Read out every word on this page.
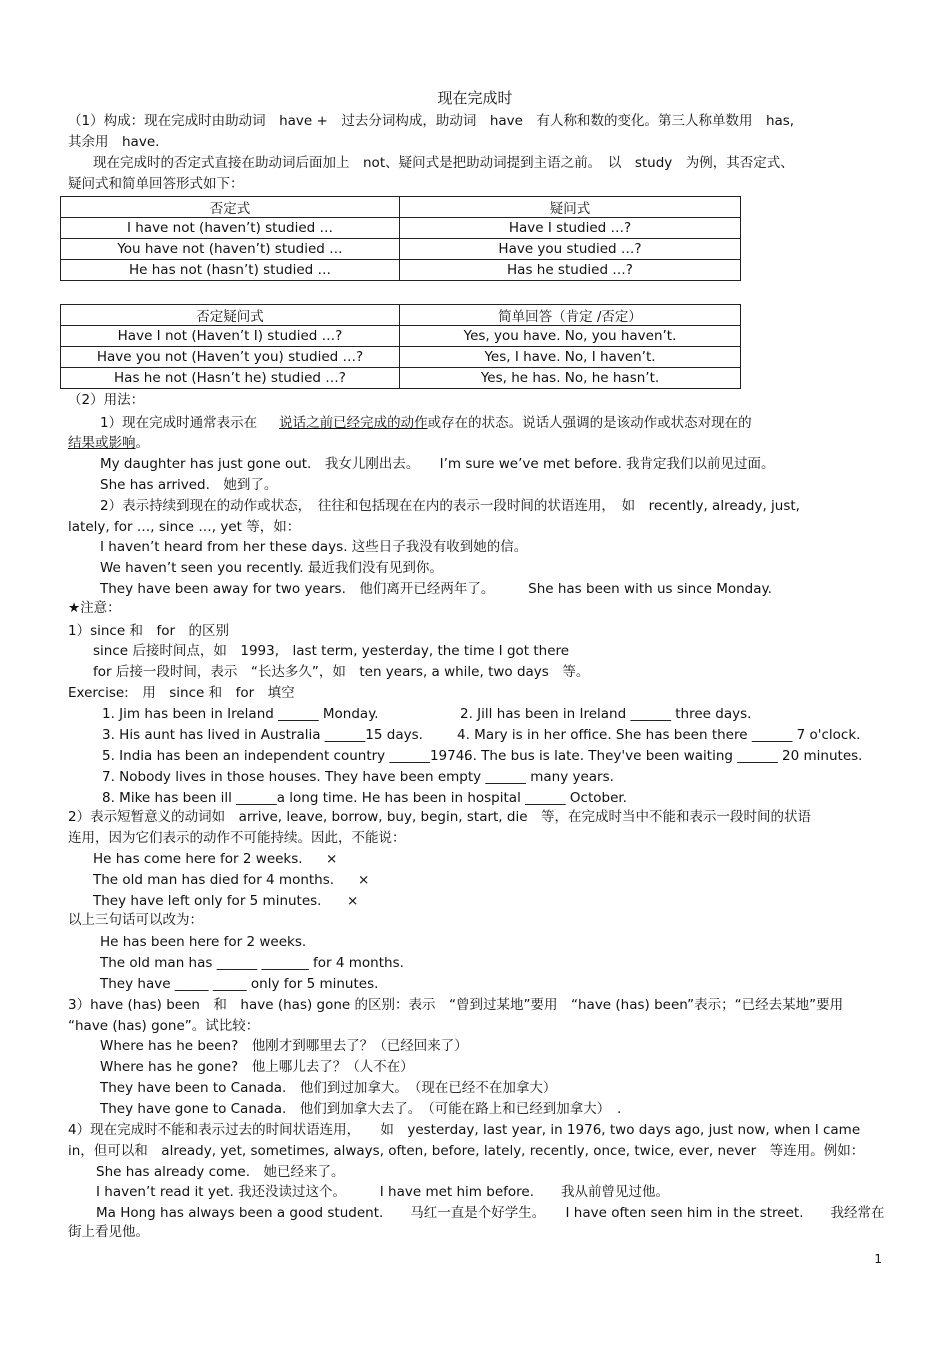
现在完成时
（1）构成：现在完成时由助动词　have +　过去分词构成，助动词　have　有人称和数的变化。第三人称单数用　has,
其余用　have.
现在完成时的否定式直接在助动词后面加上　not、疑问式是把助动词提到主语之前。　以　study　为例，其否定式、
疑问式和简单回答形式如下：
否定式	疑问式
I have not (haven’t) studied …	Have I studied …?
You have not (haven’t) studied …	Have you studied …?
He has not (hasn’t) studied …	Has he studied …?
否定疑问式	简单回答（肯定 /否定）
Have I not (Haven’t I) studied …?	Yes, you have. No, you haven’t.
Have you not (Haven’t you) studied …?	Yes, I have. No, I haven’t.
Has he not (Hasn’t he) studied …?	Yes, he has. No, he hasn’t.
（2）用法：
1）现在完成时通常表示在 说话之前已经完成的动作或存在的状态。说话人强调的是该动作或状态对现在的
结果或影响。
My daughter has just gone out.　我女儿刚出去。　　I’m sure we’ve met before. 我肯定我们以前见过面。
She has arrived.　她到了。
2）表示持续到现在的动作或状态，　往往和包括现在在内的表示一段时间的状语连用，　如　recently, already, just,
lately, for …, since …, yet 等，如：
I haven’t heard from her these days. 这些日子我没有收到她的信。
We haven’t seen you recently. 最近我们没有见到你。
They have been away for two years.　他们离开已经两年了。　　　She has been with us since Monday.
★注意：
1）since 和　for　的区别
since 后接时间点，如　1993,　last term, yesterday, the time I got there
for 后接一段时间，表示　“长达多久”，如　ten years, a while, two days　等。
Exercise:　用　since 和　for　填空
1. Jim has been in Ireland ______ Monday.	2. Jill has been in Ireland ______ three days.
3. His aunt has lived in Australia ______15 days.	4. Mary is in her office. She has been there ______ 7 o'clock.
5. India has been an independent country ______1974.
6. The bus is late. They've been waiting ______ 20 minutes.
7. Nobody lives in those houses. They have been empty ______ many years.
8. Mike has been ill ______a long time. He has been in hospital ______ October.
2）表示短暂意义的动词如　arrive, leave, borrow, buy, begin, start, die　等，在完成时当中不能和表示一段时间的状语
连用，因为它们表示的动作不可能持续。因此，不能说：
He has come here for 2 weeks. ×
The old man has died for 4 months. ×
They have left only for 5 minutes. ×
以上三句话可以改为：
He has been here for 2 weeks.
The old man has ______ _______ for 4 months.
They have _____ _____ only for 5 minutes.
3）have (has) been　和　have (has) gone 的区别：表示　“曾到过某地”要用　“have (has) been”表示；“已经去某地”要用
“have (has) gone”。试比较：
Where has he been?　他刚才到哪里去了？（已经回来了）
Where has he gone?　他上哪儿去了？（人不在）
They have been to Canada.　他们到过加拿大。　（现在已经不在加拿大）
They have gone to Canada.　他们到加拿大去了。　（可能在路上和已经到加拿大）　.
4）现在完成时不能和表示过去的时间状语连用，　　如　yesterday, last year, in 1976, two days ago, just now, when I came
in，但可以和　already, yet, sometimes, always, often, before, lately, recently, once, twice, ever, never　等连用。例如：
She has already come.　她已经来了。
I haven’t read it yet. 我还没读过这个。　　　I have met him before.　　我从前曾见过他。
Ma Hong has always been a good student.　　马红一直是个好学生。　　I have often seen him in the street.　　我经常在
街上看见他。
1
